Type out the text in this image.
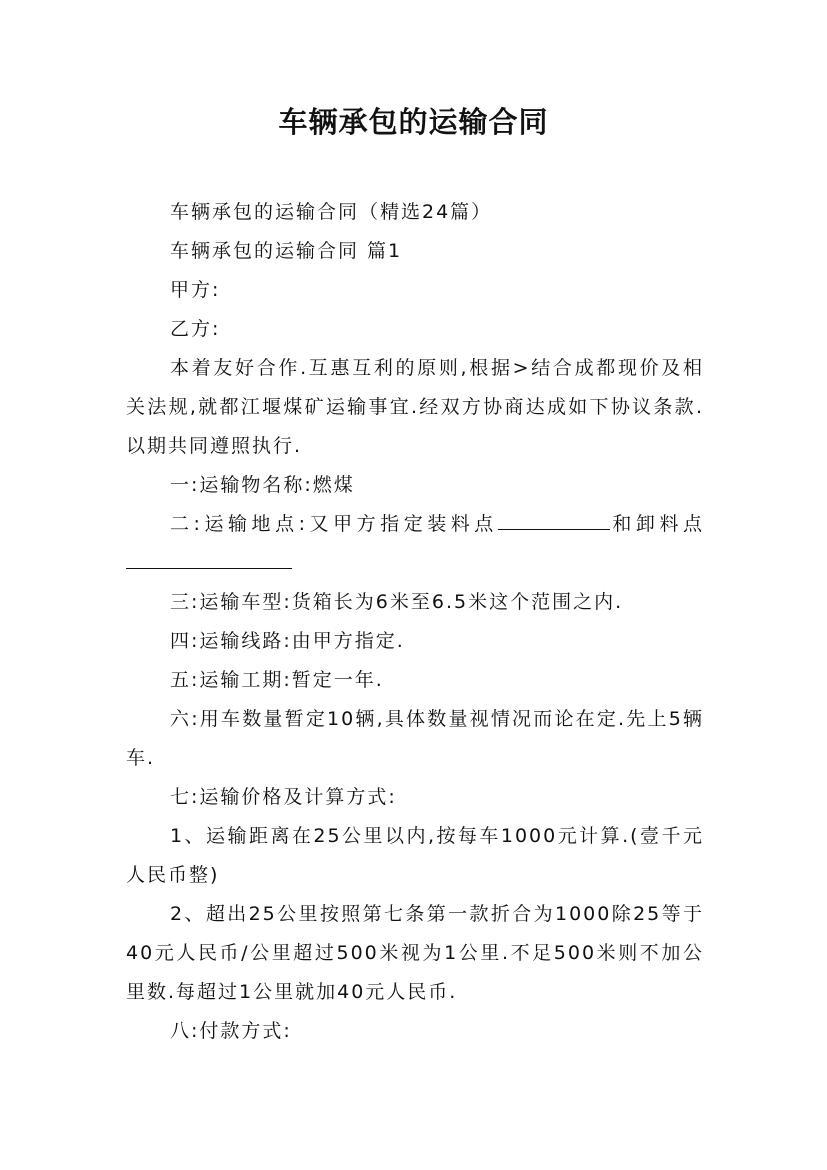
车辆承包的运输合同

车辆承包的运输合同（精选24篇）

车辆承包的运输合同 篇1

甲方:

乙方:

本着友好合作.互惠互利的原则,根据>结合成都现价及相关法规,就都江堰煤矿运输事宜.经双方协商达成如下协议条款.以期共同遵照执行.

一:运输物名称:燃煤

二:运输地点:又甲方指定装料点	和卸料点

三:运输车型:货箱长为6米至6.5米这个范围之内.

四:运输线路:由甲方指定.

五:运输工期:暂定一年.

六:用车数量暂定10辆,具体数量视情况而论在定.先上5辆车.

七:运输价格及计算方式:

1、运输距离在25公里以内,按每车1000元计算.(壹千元人民币整)

2、超出25公里按照第七条第一款折合为1000除25等于40元人民币/公里超过500米视为1公里.不足500米则不加公里数.每超过1公里就加40元人民币.

八:付款方式:
